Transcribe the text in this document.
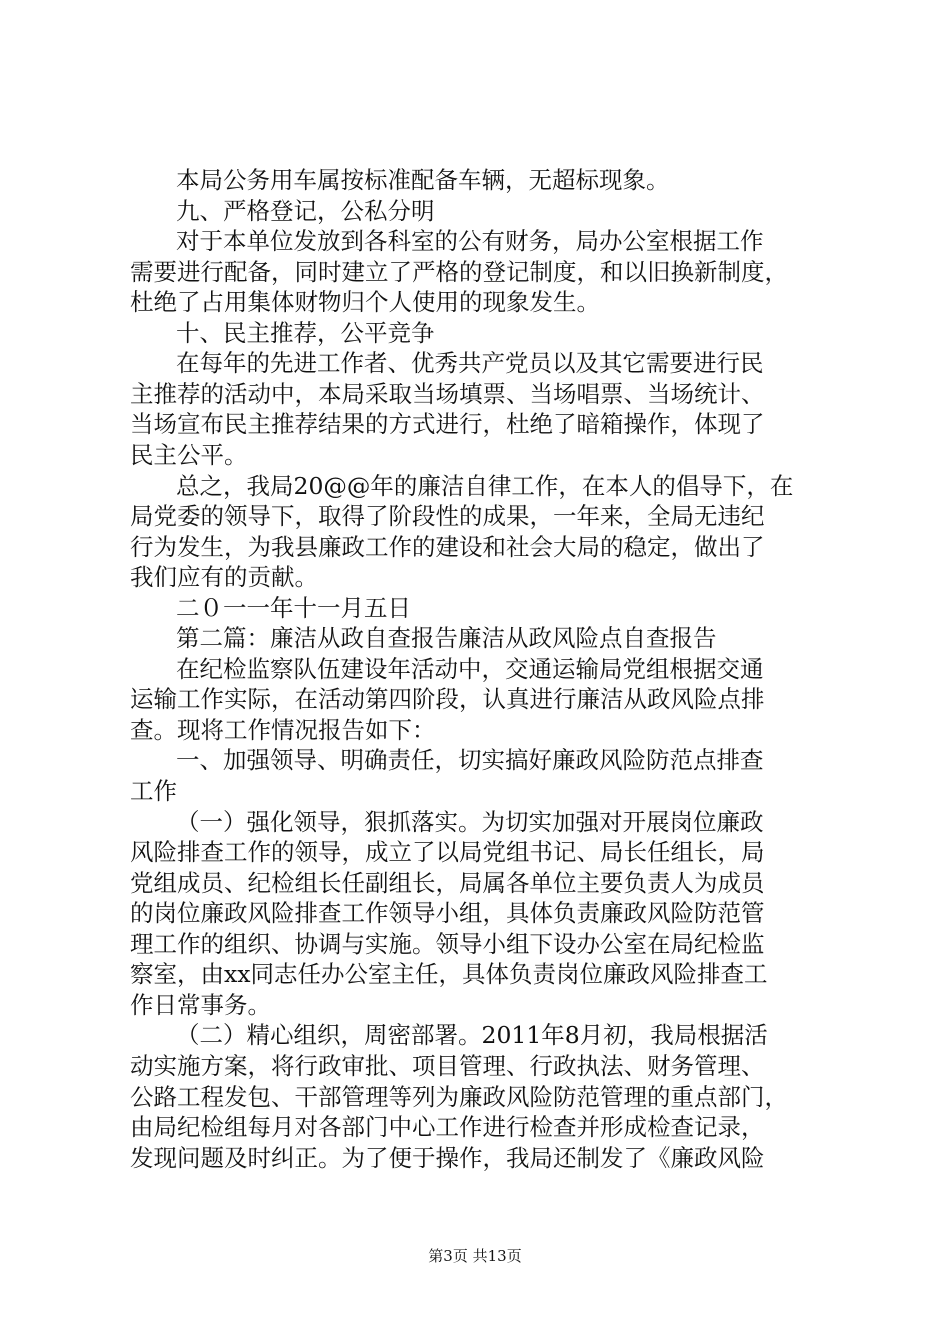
本局公务用车属按标准配备车辆，无超标现象。
九、严格登记，公私分明
对于本单位发放到各科室的公有财务，局办公室根据工作
需要进行配备，同时建立了严格的登记制度，和以旧换新制度，
杜绝了占用集体财物归个人使用的现象发生。
十、民主推荐，公平竞争
在每年的先进工作者、优秀共产党员以及其它需要进行民
主推荐的活动中，本局采取当场填票、当场唱票、当场统计、
当场宣布民主推荐结果的方式进行，杜绝了暗箱操作，体现了
民主公平。
总之，我局20@@年的廉洁自律工作，在本人的倡导下，在
局党委的领导下，取得了阶段性的成果，一年来，全局无违纪
行为发生，为我县廉政工作的建设和社会大局的稳定，做出了
我们应有的贡献。
二０一一年十一月五日
第二篇：廉洁从政自查报告廉洁从政风险点自查报告
在纪检监察队伍建设年活动中，交通运输局党组根据交通
运输工作实际，在活动第四阶段，认真进行廉洁从政风险点排
查。现将工作情况报告如下：
一、加强领导、明确责任，切实搞好廉政风险防范点排查
工作
（一）强化领导，狠抓落实。为切实加强对开展岗位廉政
风险排查工作的领导，成立了以局党组书记、局长任组长，局
党组成员、纪检组长任副组长，局属各单位主要负责人为成员
的岗位廉政风险排查工作领导小组，具体负责廉政风险防范管
理工作的组织、协调与实施。领导小组下设办公室在局纪检监
察室，由xx同志任办公室主任，具体负责岗位廉政风险排查工
作日常事务。
（二）精心组织，周密部署。2011年8月初，我局根据活
动实施方案，将行政审批、项目管理、行政执法、财务管理、
公路工程发包、干部管理等列为廉政风险防范管理的重点部门，
由局纪检组每月对各部门中心工作进行检查并形成检查记录，
发现问题及时纠正。为了便于操作，我局还制发了《廉政风险
第3页 共13页
